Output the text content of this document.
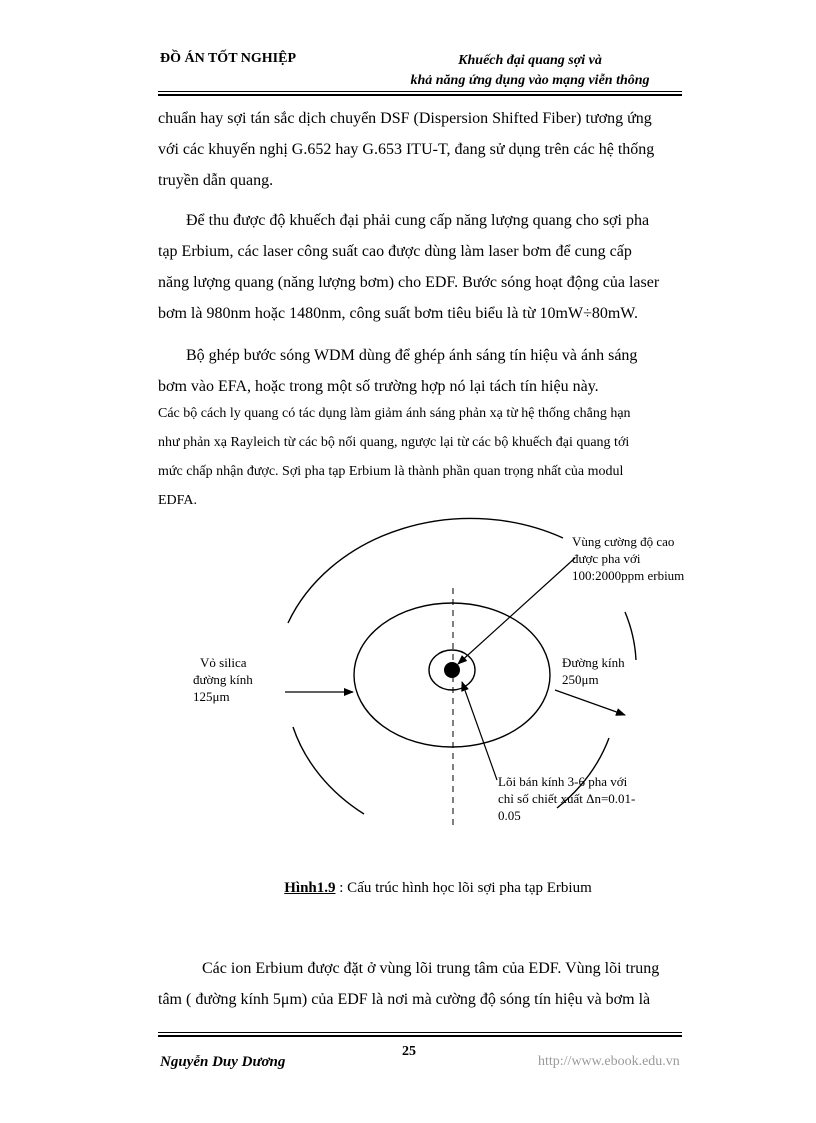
ĐỒ ÁN TỐT NGHIỆP	Khuếch đại quang sợi và
khả năng ứng dụng vào mạng viễn thông
chuẩn hay sợi tán sắc dịch chuyển DSF (Dispersion Shifted Fiber) tương ứng
với các khuyến nghị G.652 hay G.653 ITU-T, đang sử dụng trên các hệ thống
truyền dẫn quang.
Để thu được độ khuếch đại phải cung cấp năng lượng quang cho sợi pha
tạp Erbium, các laser công suất cao được dùng làm laser bơm để cung cấp
năng lượng quang (năng lượng bơm) cho EDF. Bước sóng hoạt động của laser
bơm là 980nm hoặc 1480nm, công suất bơm tiêu biểu là từ 10mW÷80mW.
Bộ ghép bước sóng WDM dùng để ghép ánh sáng tín hiệu và ánh sáng
bơm vào EFA, hoặc trong một số trường hợp nó lại tách tín hiệu này.
Các bộ cách ly quang có tác dụng làm giảm ánh sáng phản xạ từ hệ thống chẳng hạn
như phản xạ Rayleich từ các bộ nối quang, ngược lại từ các bộ khuếch đại quang tới
mức chấp nhận được. Sợi pha tạp Erbium là thành phần quan trọng nhất của modul
EDFA.
Vùng cường độ cao
được pha với
100:2000ppm erbium
Vỏ silica
đường kính
125μm
Đường kính
250μm
Lõi bán kính 3-6 pha với
chỉ số chiết xuất Δn=0.01-
0.05
Hình1.9 : Cấu trúc hình học lõi sợi pha tạp Erbium
Các ion Erbium được đặt ở vùng lõi trung tâm của EDF. Vùng lõi trung
tâm ( đường kính 5μm) của EDF là nơi mà cường độ sóng tín hiệu và bơm là
Nguyễn Duy Dương
25
http://www.ebook.edu.vn
